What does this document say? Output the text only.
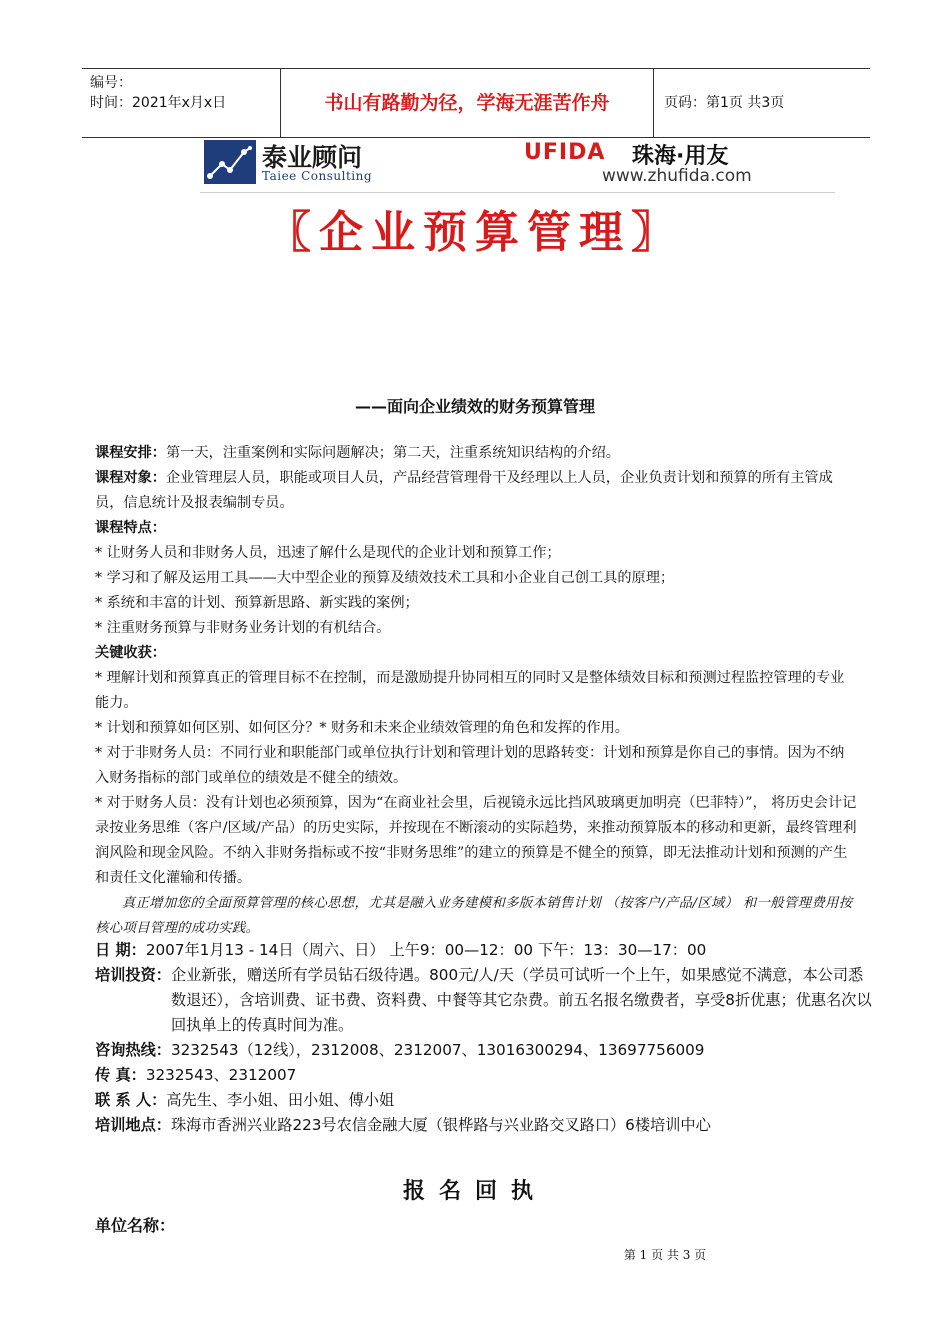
编号：
时间：2021年x月x日	书山有路勤为径，学海无涯苦作舟	页码：第1页 共3页
泰业顾问
Taiee Consulting
UFIDA 珠海·用友
www.zhufida.com
〖企业预算管理〗
——面向企业绩效的财务预算管理

课程安排：第一天，注重案例和实际问题解决；第二天，注重系统知识结构的介绍。

课程对象：企业管理层人员，职能或项目人员，产品经营管理骨干及经理以上人员，企业负责计划和预算的所有主管成员，信息统计及报表编制专员。

课程特点：

* 让财务人员和非财务人员，迅速了解什么是现代的企业计划和预算工作；

* 学习和了解及运用工具——大中型企业的预算及绩效技术工具和小企业自己创工具的原理；

* 系统和丰富的计划、预算新思路、新实践的案例；

* 注重财务预算与非财务业务计划的有机结合。

关键收获：

* 理解计划和预算真正的管理目标不在控制，而是激励提升协同相互的同时又是整体绩效目标和预测过程监控管理的专业能力。

* 计划和预算如何区别、如何区分？* 财务和未来企业绩效管理的角色和发挥的作用。

* 对于非财务人员：不同行业和职能部门或单位执行计划和管理计划的思路转变：计划和预算是你自己的事情。因为不纳入财务指标的部门或单位的绩效是不健全的绩效。

* 对于财务人员：没有计划也必须预算，因为“在商业社会里，后视镜永远比挡风玻璃更加明亮（巴菲特）”， 将历史会计记录按业务思维（客户/区域/产品）的历史实际，并按现在不断滚动的实际趋势，来推动预算版本的移动和更新，最终管理利润风险和现金风险。不纳入非财务指标或不按“非财务思维”的建立的预算是不健全的预算，即无法推动计划和预测的产生和责任文化灌输和传播。

真正增加您的全面预算管理的核心思想，尤其是融入业务建模和多版本销售计划 （按客户/产品/区域） 和一般管理费用按核心项目管理的成功实践。

日 期： 2007年1月13 - 14日（周六、日） 上午9：00—12：00 下午：13：30—17：00
培训投资： 企业新张，赠送所有学员钻石级待遇。800元/人/天（学员可试听一个上午，如果感觉不满意，本公司悉数退还），含培训费、证书费、资料费、中餐等其它杂费。前五名报名缴费者，享受8折优惠；优惠名次以回执单上的传真时间为准。
咨询热线： 3232543（12线），2312008、2312007、13016300294、13697756009
传 真： 3232543、2312007
联 系 人： 高先生、李小姐、田小姐、傅小姐
培训地点： 珠海市香洲兴业路223号农信金融大厦（银桦路与兴业路交叉路口）6楼培训中心
报名回执
单位名称：
第 1 页 共 3 页
